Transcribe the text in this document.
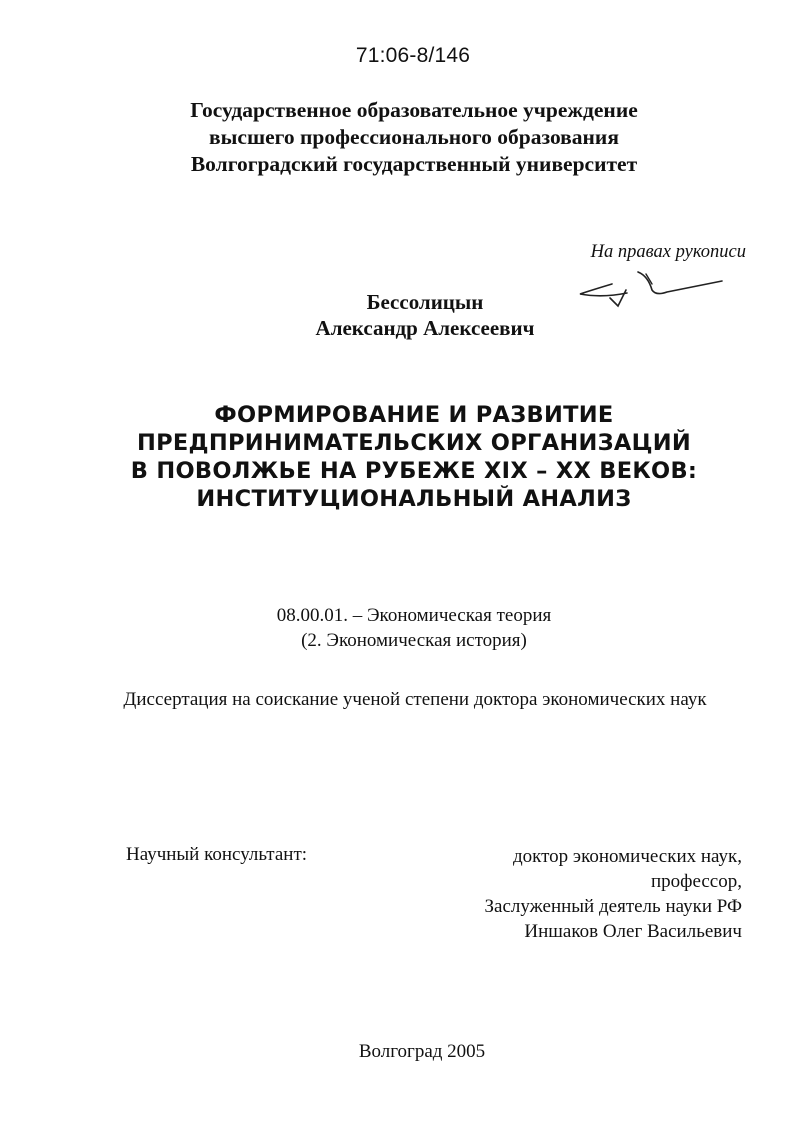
71:06-8/146
Государственное образовательное учреждение
высшего профессионального образования
Волгоградский государственный университет
На правах рукописи
Бессолицын
Александр Алексеевич
ФОРМИРОВАНИЕ И РАЗВИТИЕ
ПРЕДПРИНИМАТЕЛЬСКИХ ОРГАНИЗАЦИЙ
В ПОВОЛЖЬЕ НА РУБЕЖЕ XIX – XX ВЕКОВ:
ИНСТИТУЦИОНАЛЬНЫЙ АНАЛИЗ
08.00.01. – Экономическая теория
(2. Экономическая история)
Диссертация на соискание ученой степени доктора экономических наук
Научный консультант:	доктор экономических наук,
профессор,
Заслуженный деятель науки РФ
Иншаков Олег Васильевич
Волгоград 2005
